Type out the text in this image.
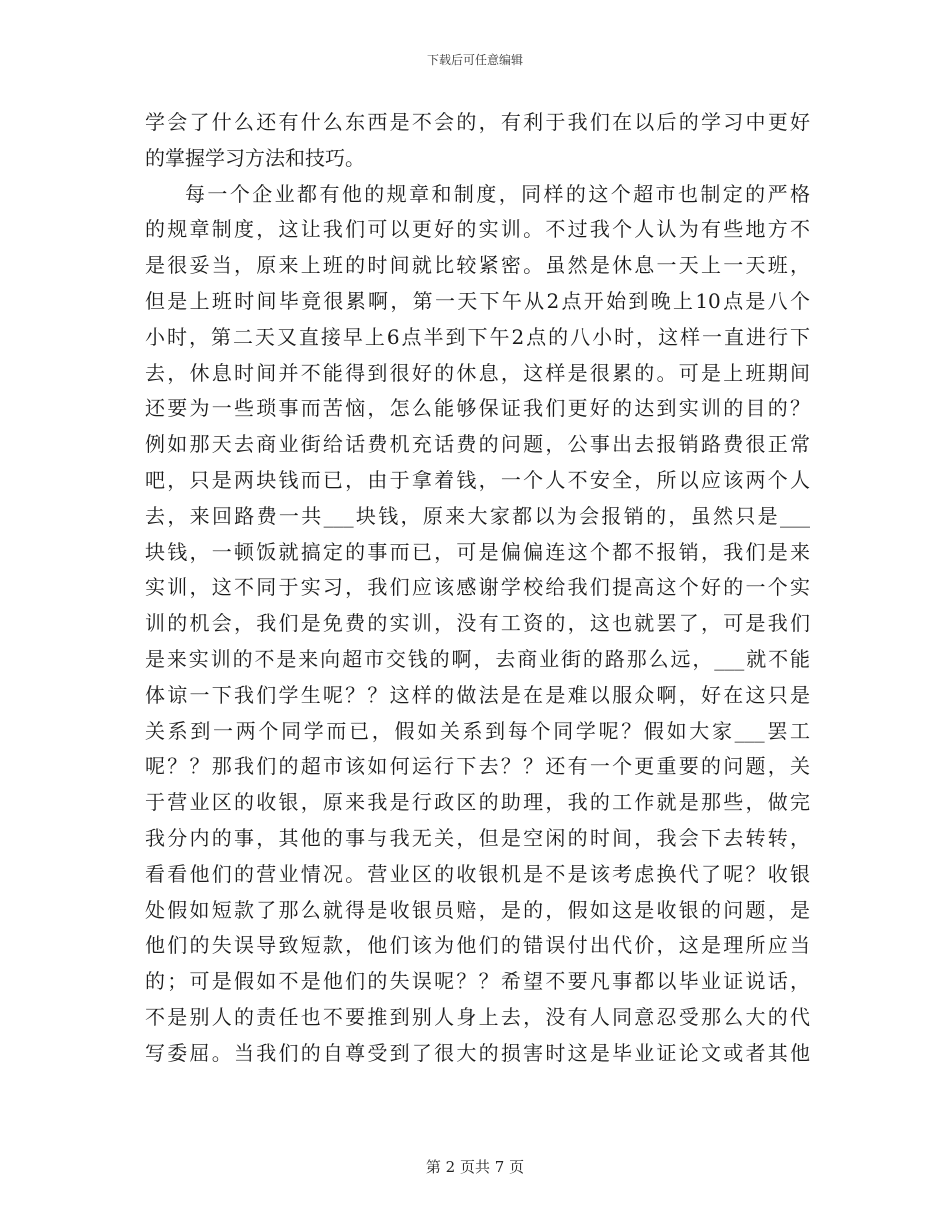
下载后可任意编辑
学会了什么还有什么东西是不会的，有利于我们在以后的学习中更好
的掌握学习方法和技巧。
每一个企业都有他的规章和制度，同样的这个超市也制定的严格
的规章制度，这让我们可以更好的实训。不过我个人认为有些地方不
是很妥当，原来上班的时间就比较紧密。虽然是休息一天上一天班，
但是上班时间毕竟很累啊，第一天下午从2点开始到晚上10点是八个
小时，第二天又直接早上6点半到下午2点的八小时，这样一直进行下
去，休息时间并不能得到很好的休息，这样是很累的。可是上班期间
还要为一些琐事而苦恼，怎么能够保证我们更好的达到实训的目的？
例如那天去商业街给话费机充话费的问题，公事出去报销路费很正常
吧，只是两块钱而已，由于拿着钱，一个人不安全，所以应该两个人
去，来回路费一共___块钱，原来大家都以为会报销的，虽然只是___
块钱，一顿饭就搞定的事而已，可是偏偏连这个都不报销，我们是来
实训，这不同于实习，我们应该感谢学校给我们提高这个好的一个实
训的机会，我们是免费的实训，没有工资的，这也就罢了，可是我们
是来实训的不是来向超市交钱的啊，去商业街的路那么远，___就不能
体谅一下我们学生呢？？这样的做法是在是难以服众啊，好在这只是
关系到一两个同学而已，假如关系到每个同学呢？假如大家___罢工
呢？？那我们的超市该如何运行下去？？还有一个更重要的问题，关
于营业区的收银，原来我是行政区的助理，我的工作就是那些，做完
我分内的事，其他的事与我无关，但是空闲的时间，我会下去转转，
看看他们的营业情况。营业区的收银机是不是该考虑换代了呢？收银
处假如短款了那么就得是收银员赔，是的，假如这是收银的问题，是
他们的失误导致短款，他们该为他们的错误付出代价，这是理所应当
的；可是假如不是他们的失误呢？？希望不要凡事都以毕业证说话，
不是别人的责任也不要推到别人身上去，没有人同意忍受那么大的代
写委屈。当我们的自尊受到了很大的损害时这是毕业证论文或者其他
第 2 页共 7 页
